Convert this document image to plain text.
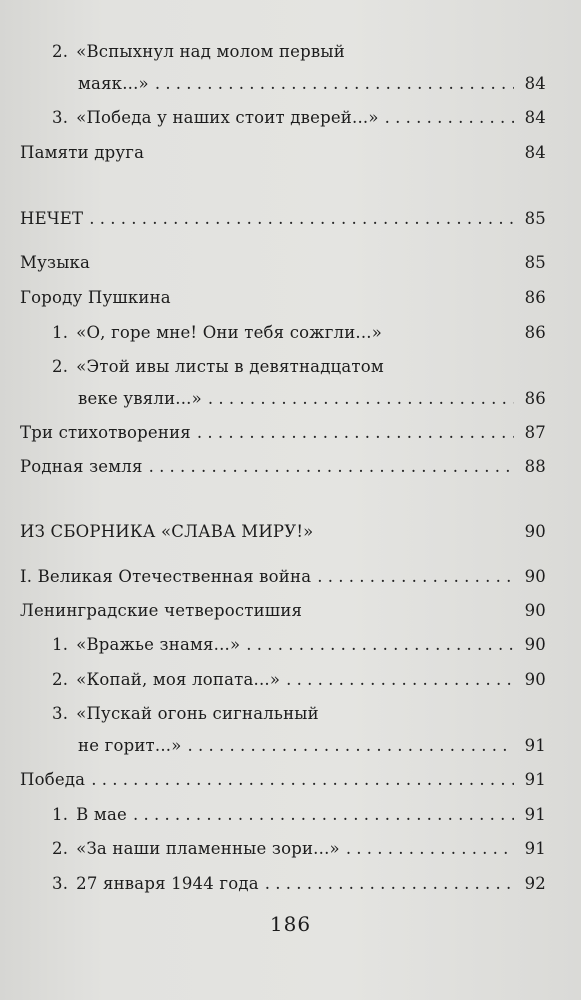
2. «Вспыхнул над молом первый
маяк...» . . .	84
3. «Победа у наших стоит дверей...» . . .	84
Памяти друга	84
НЕЧЕТ . . .	85
Музыка	85
Городу Пушкина	86
1. «О, горе мне! Они тебя сожгли...»	86
2. «Этой ивы листы в девятнадцатом
веке увяли...» . . .	86
Три стихотворения . . .	87
Родная земля . . .	88
ИЗ СБОРНИКА «СЛАВА МИРУ!»	90
I. Великая Отечественная война . . .	90
Ленинградские четверостишия	90
1. «Вражье знамя...» . . .	90
2. «Копай, моя лопата...» . . .	90
3. «Пускай огонь сигнальный
не горит...» . . .	91
Победа . . .	91
1. В мае . . .	91
2. «За наши пламенные зори...» . . .	91
3. 27 января 1944 года . . .	92
186
